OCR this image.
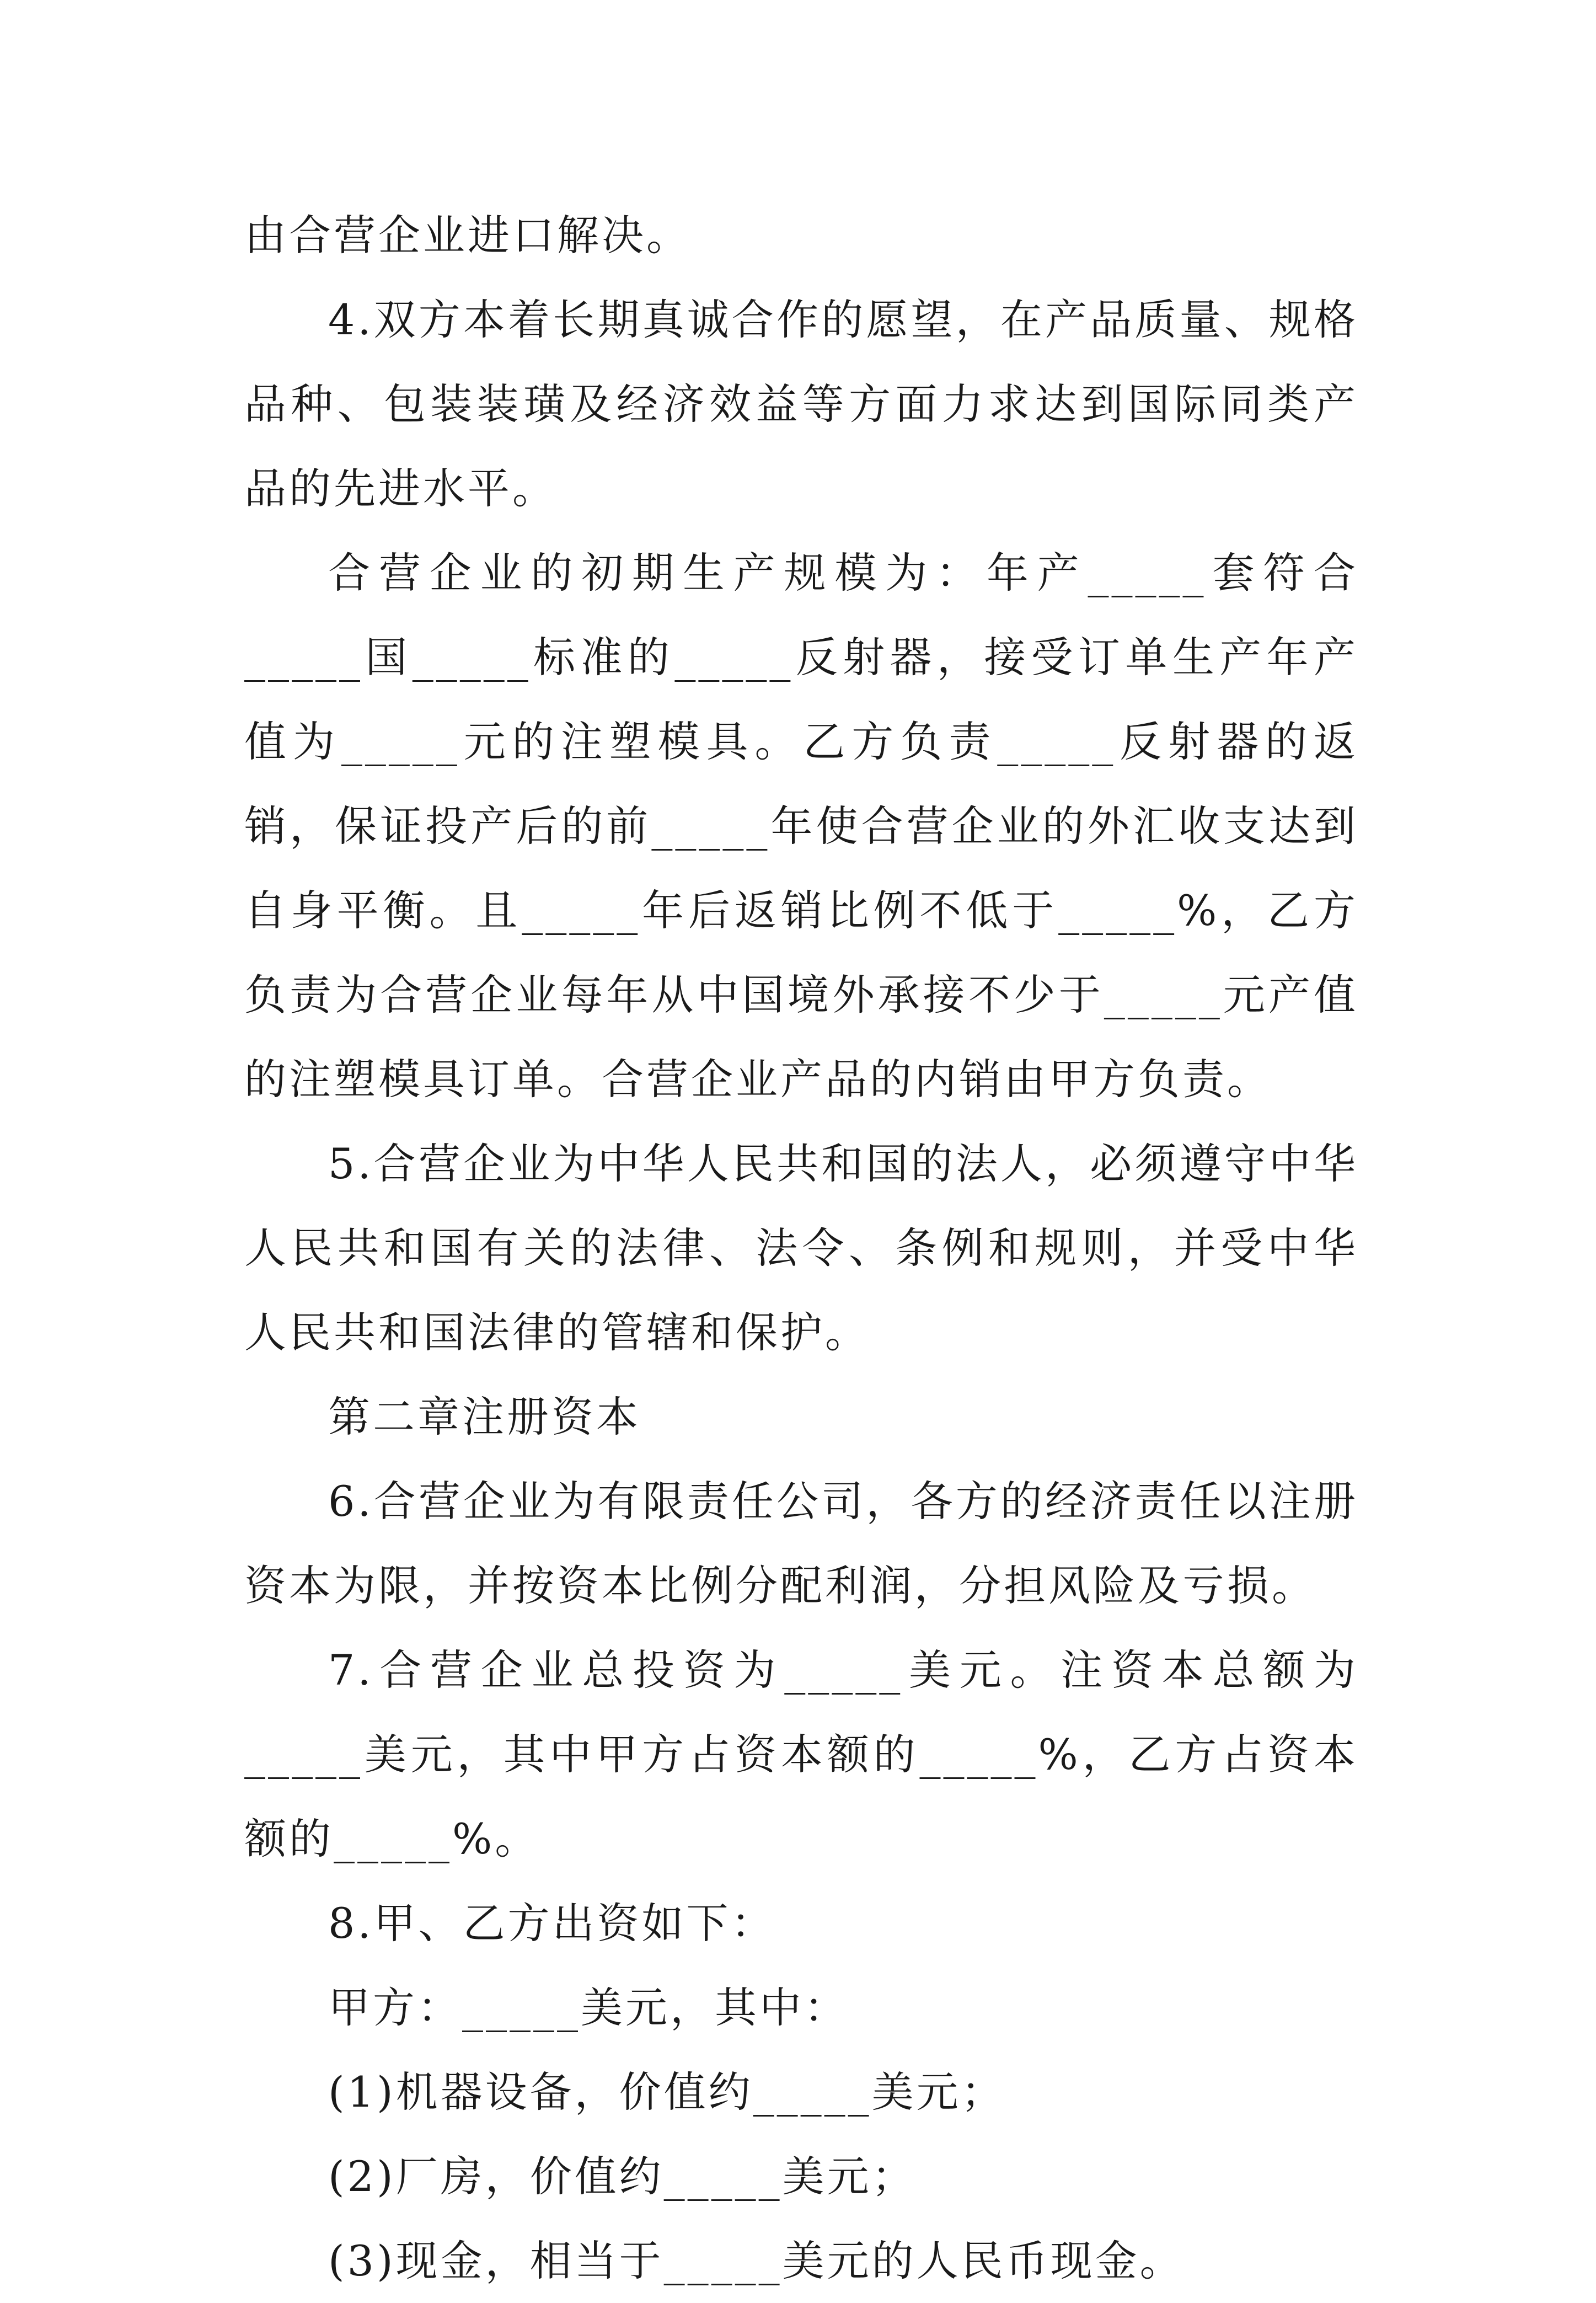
由合营企业进口解决。

4.双方本着长期真诚合作的愿望，在产品质量、规格品种、包装装璜及经济效益等方面力求达到国际同类产品的先进水平。

合营企业的初期生产规模为：年产_____套符合_____国_____标准的_____反射器，接受订单生产年产值为_____元的注塑模具。乙方负责_____反射器的返销，保证投产后的前_____年使合营企业的外汇收支达到自身平衡。且_____年后返销比例不低于_____%，乙方负责为合营企业每年从中国境外承接不少于_____元产值的注塑模具订单。合营企业产品的内销由甲方负责。

5.合营企业为中华人民共和国的法人，必须遵守中华人民共和国有关的法律、法令、条例和规则，并受中华人民共和国法律的管辖和保护。

第二章注册资本

6.合营企业为有限责任公司，各方的经济责任以注册资本为限，并按资本比例分配利润，分担风险及亏损。

7.合营企业总投资为_____美元。注资本总额为_____美元，其中甲方占资本额的_____%，乙方占资本额的_____%。

8.甲、乙方出资如下：

甲方：_____美元，其中：

(1)机器设备，价值约_____美元；

(2)厂房，价值约_____美元；

(3)现金，相当于_____美元的人民币现金。
